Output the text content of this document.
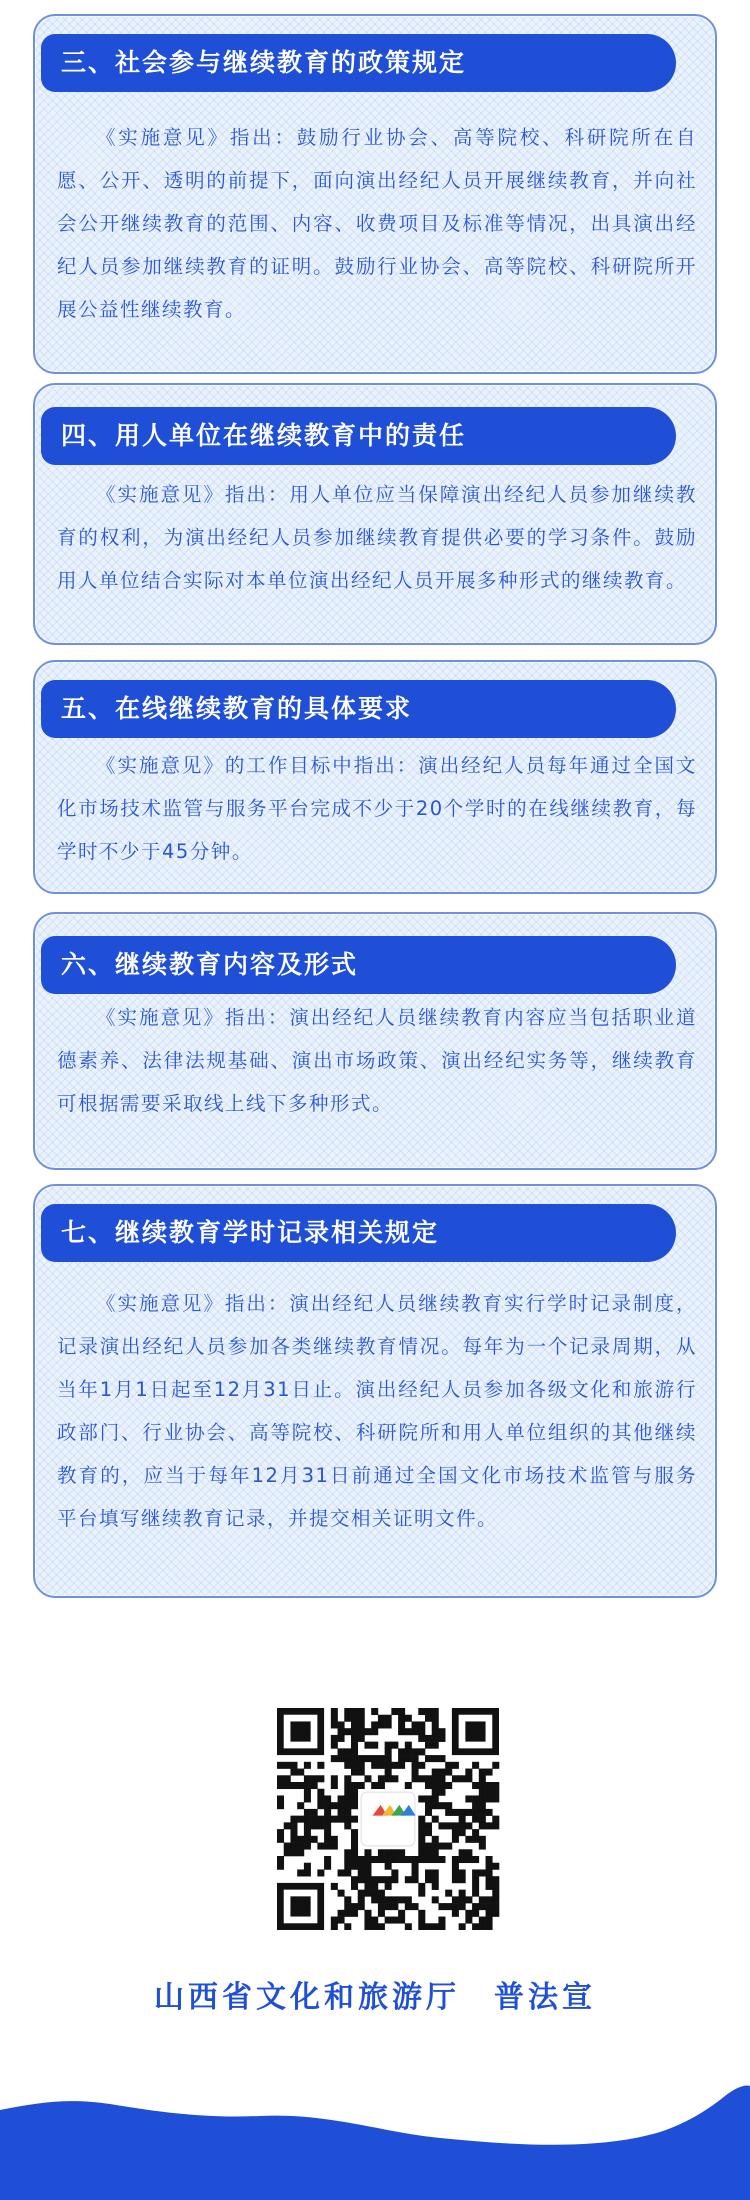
三、社会参与继续教育的政策规定
《实施意见》指出：鼓励行业协会、高等院校、科研院所在自愿、公开、透明的前提下，面向演出经纪人员开展继续教育，并向社会公开继续教育的范围、内容、收费项目及标准等情况，出具演出经纪人员参加继续教育的证明。鼓励行业协会、高等院校、科研院所开展公益性继续教育。
四、用人单位在继续教育中的责任
《实施意见》指出：用人单位应当保障演出经纪人员参加继续教育的权利，为演出经纪人员参加继续教育提供必要的学习条件。鼓励用人单位结合实际对本单位演出经纪人员开展多种形式的继续教育。
五、在线继续教育的具体要求
《实施意见》的工作目标中指出：演出经纪人员每年通过全国文化市场技术监管与服务平台完成不少于20个学时的在线继续教育，每学时不少于45分钟。
六、继续教育内容及形式
《实施意见》指出：演出经纪人员继续教育内容应当包括职业道德素养、法律法规基础、演出市场政策、演出经纪实务等，继续教育可根据需要采取线上线下多种形式。
七、继续教育学时记录相关规定
《实施意见》指出：演出经纪人员继续教育实行学时记录制度，记录演出经纪人员参加各类继续教育情况。每年为一个记录周期，从当年1月1日起至12月31日止。演出经纪人员参加各级文化和旅游行政部门、行业协会、高等院校、科研院所和用人单位组织的其他继续教育的，应当于每年12月31日前通过全国文化市场技术监管与服务平台填写继续教育记录，并提交相关证明文件。
山西省文化和旅游厅　普法宣
